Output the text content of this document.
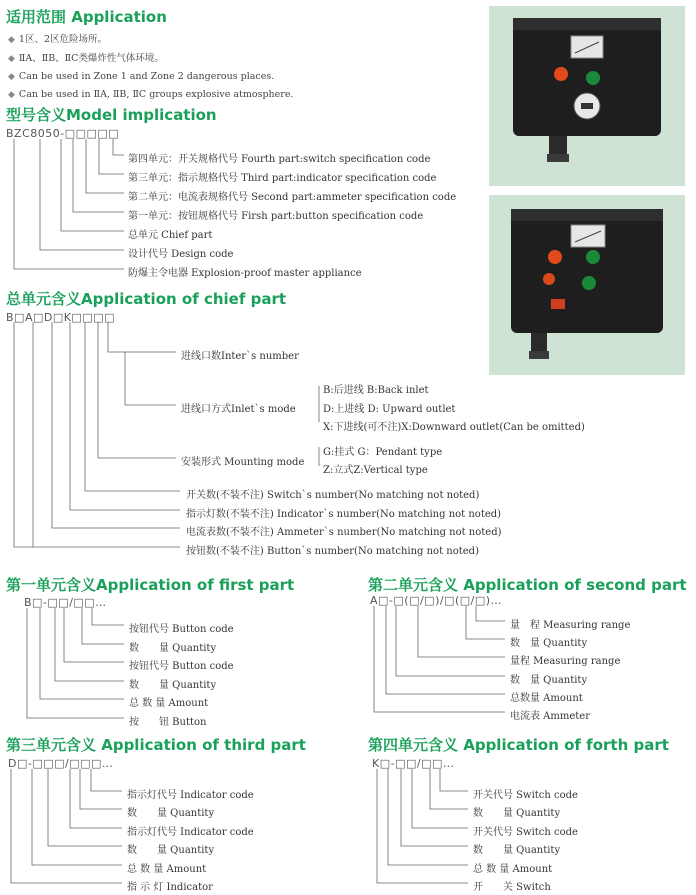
适用范围 Application
◆ 1区、2区危险场所。
◆ ⅡA、ⅡB、ⅡC类爆炸性气体环境。
◆ Can be used in Zone 1 and Zone 2 dangerous places.
◆ Can be used in ⅡA, ⅡB, ⅡC groups explosive atmosphere.
型号含义Model implication
BZC8050-□□□□□
第四单元：开关规格代号 Fourth part:switch specification code
第三单元：指示规格代号 Third part:indicator specification code
第二单元：电流表规格代号 Second part:ammeter specification code
第一单元：按钮规格代号 Firsh part:button specification code
总单元 Chief part
设计代号 Design code
防爆主令电器 Explosion-proof master appliance
总单元含义Application of chief part
B□A□D□K□□□□
进线口数Inter`s number
进线口方式Inlet`s mode
B:后进线 B:Back inlet
D:上进线 D: Upward outlet
X:下进线(可不注)X:Downward outlet(Can be omitted)
安装形式 Mounting mode
G:挂式 G：Pendant type
Z:立式Z:Vertical type
开关数(不装不注) Switch`s number(No matching not noted)
指示灯数(不装不注) Indicator`s number(No matching not noted)
电流表数(不装不注) Ammeter`s number(No matching not noted)
按钮数(不装不注) Button`s number(No matching not noted)
第一单元含义Application of first part
B□-□□/□□…
按钮代号 Button code
数　　量 Quantity
按钮代号 Button code
数　　量 Quantity
总 数 量 Amount
按　　钮 Button
第二单元含义 Application of second part
A□-□(□/□)/□(□/□)…
量　程 Measuring range
数　量 Quantity
量程 Measuring range
数　量 Quantity
总数量 Amount
电流表 Ammeter
第三单元含义 Application of third part
D□-□□□/□□□…
指示灯代号 Indicator code
数　　量 Quantity
指示灯代号 Indicator code
数　　量 Quantity
总 数 量 Amount
指 示 灯 Indicator
第四单元含义 Application of forth part
K□-□□/□□…
开关代号 Switch code
数　　量 Quantity
开关代号 Switch code
数　　量 Quantity
总 数 量 Amount
开　　关 Switch
